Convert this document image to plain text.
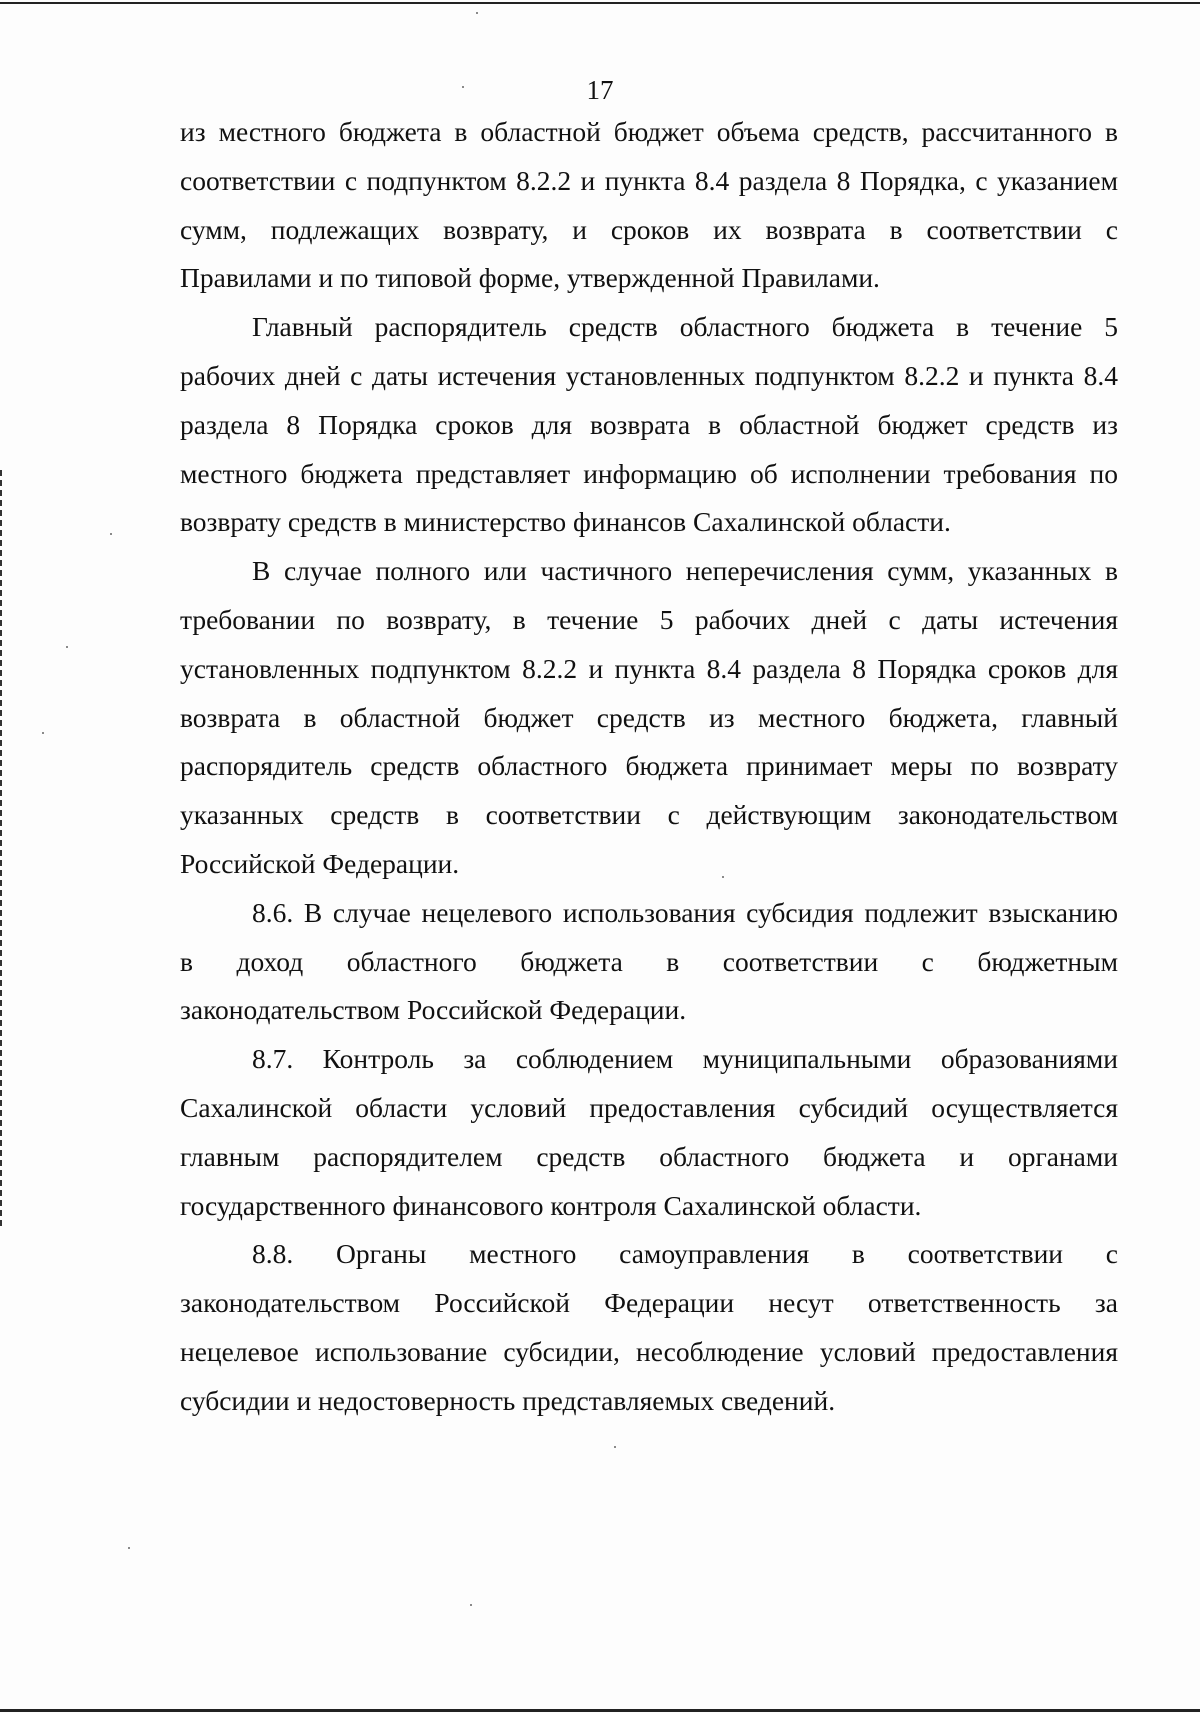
17
из местного бюджета в областной бюджет объема средств, рассчитанного в
соответствии с подпунктом 8.2.2 и пункта 8.4 раздела 8 Порядка, с указанием
сумм, подлежащих возврату, и сроков их возврата в соответствии с
Правилами и по типовой форме, утвержденной Правилами.
Главный распорядитель средств областного бюджета в течение 5
рабочих дней с даты истечения установленных подпунктом 8.2.2 и пункта 8.4
раздела 8 Порядка сроков для возврата в областной бюджет средств из
местного бюджета представляет информацию об исполнении требования по
возврату средств в министерство финансов Сахалинской области.
В случае полного или частичного неперечисления сумм, указанных в
требовании по возврату, в течение 5 рабочих дней с даты истечения
установленных подпунктом 8.2.2 и пункта 8.4 раздела 8 Порядка сроков для
возврата в областной бюджет средств из местного бюджета, главный
распорядитель средств областного бюджета принимает меры по возврату
указанных средств в соответствии с действующим законодательством
Российской Федерации.
8.6. В случае нецелевого использования субсидия подлежит взысканию
в доход областного бюджета в соответствии с бюджетным
законодательством Российской Федерации.
8.7. Контроль за соблюдением муниципальными образованиями
Сахалинской области условий предоставления субсидий осуществляется
главным распорядителем средств областного бюджета и органами
государственного финансового контроля Сахалинской области.
8.8. Органы местного самоуправления в соответствии с
законодательством Российской Федерации несут ответственность за
нецелевое использование субсидии, несоблюдение условий предоставления
субсидии и недостоверность представляемых сведений.
